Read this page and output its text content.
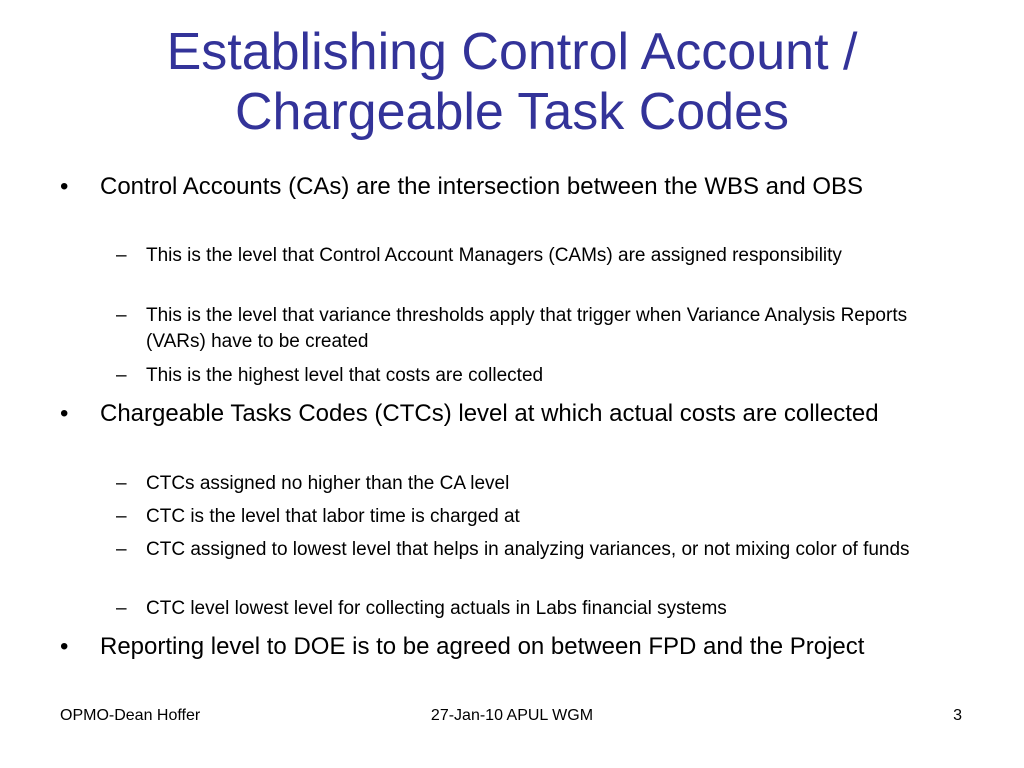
Establishing Control Account /
Chargeable Task Codes

• Control Accounts (CAs) are the intersection between the WBS and OBS

– This is the level that Control Account Managers (CAMs) are assigned responsibility

– This is the level that variance thresholds apply that trigger when Variance Analysis Reports (VARs) have to be created

– This is the highest level that costs are collected

• Chargeable Tasks Codes (CTCs) level at which actual costs are collected

– CTCs assigned no higher than the CA level

– CTC is the level that labor time is charged at

– CTC assigned to lowest level that helps in analyzing variances, or not mixing color of funds

– CTC level lowest level for collecting actuals in Labs financial systems

• Reporting level to DOE is to be agreed on between FPD and the Project

OPMO-Dean Hoffer	27-Jan-10 APUL WGM	3
